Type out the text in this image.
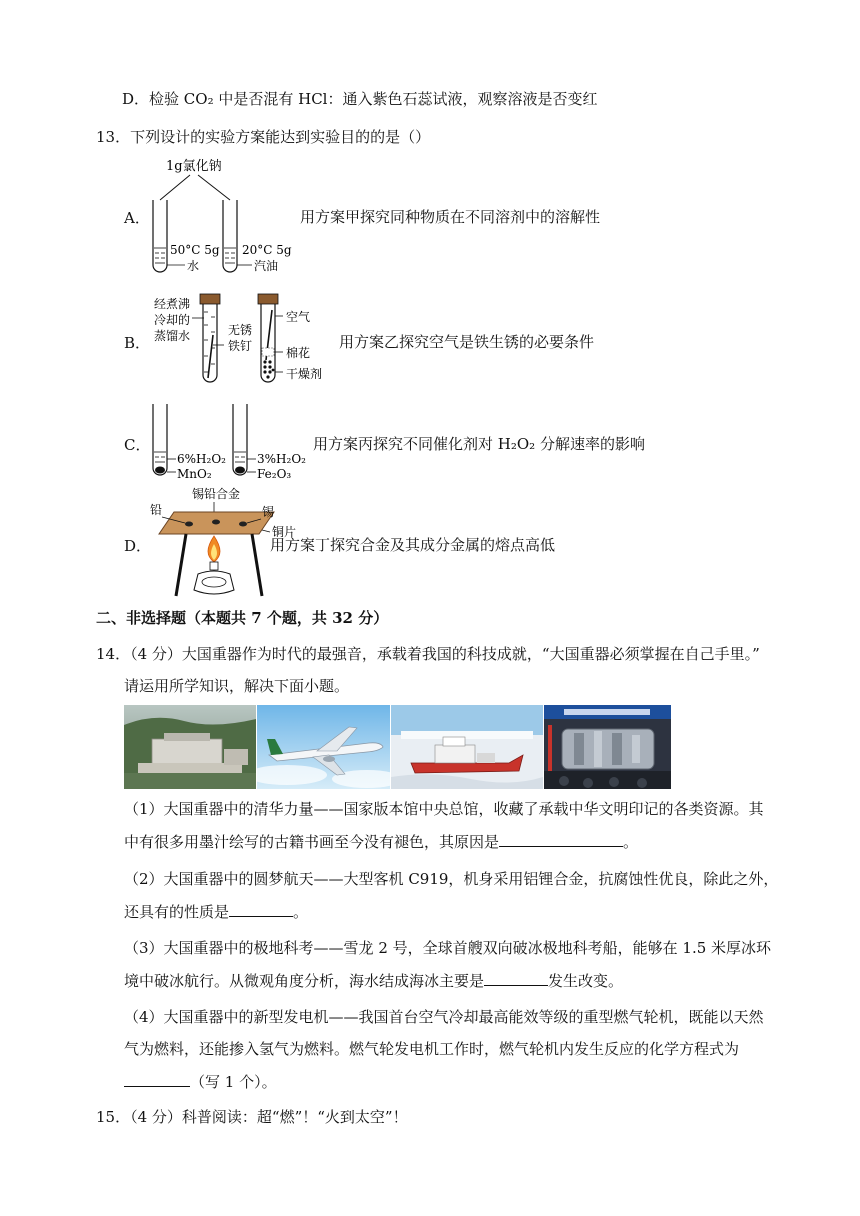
D．检验 CO₂ 中是否混有 HCl：通入紫色石蕊试液，观察溶液是否变红
13．下列设计的实验方案能达到实验目的的是（）
A．
1g氯化钠
50°C 5g
水
20°C 5g
汽油
用方案甲探究同种物质在不同溶剂中的溶解性
B．
经煮沸
冷却的
蒸馏水	无锈
铁钉
空气
棉花
干燥剂
用方案乙探究空气是铁生锈的必要条件
C．
6%H₂O₂
MnO₂
3%H₂O₂
Fe₂O₃
用方案丙探究不同催化剂对 H₂O₂ 分解速率的影响
D．
锡铅合金
铅	锡
铜片
用方案丁探究合金及其成分金属的熔点高低
二、非选择题（本题共 7 个题，共 32 分）
14．（4 分）大国重器作为时代的最强音，承载着我国的科技成就，“大国重器必须掌握在自己手里。”
请运用所学知识，解决下面小题。
（1）大国重器中的清华力量——国家版本馆中央总馆，收藏了承载中华文明印记的各类资源。其
中有很多用墨汁绘写的古籍书画至今没有褪色，其原因是	。
（2）大国重器中的圆梦航天——大型客机 C919，机身采用铝锂合金，抗腐蚀性优良，除此之外，
还具有的性质是	。
（3）大国重器中的极地科考——雪龙 2 号，全球首艘双向破冰极地科考船，能够在 1.5 米厚冰环
境中破冰航行。从微观角度分析，海水结成海冰主要是	发生改变。
（4）大国重器中的新型发电机——我国首台空气冷却最高能效等级的重型燃气轮机，既能以天然
气为燃料，还能掺入氢气为燃料。燃气轮发电机工作时，燃气轮机内发生反应的化学方程式为
（写 1 个）。
15．（4 分）科普阅读：超“燃”！“火到太空”！
